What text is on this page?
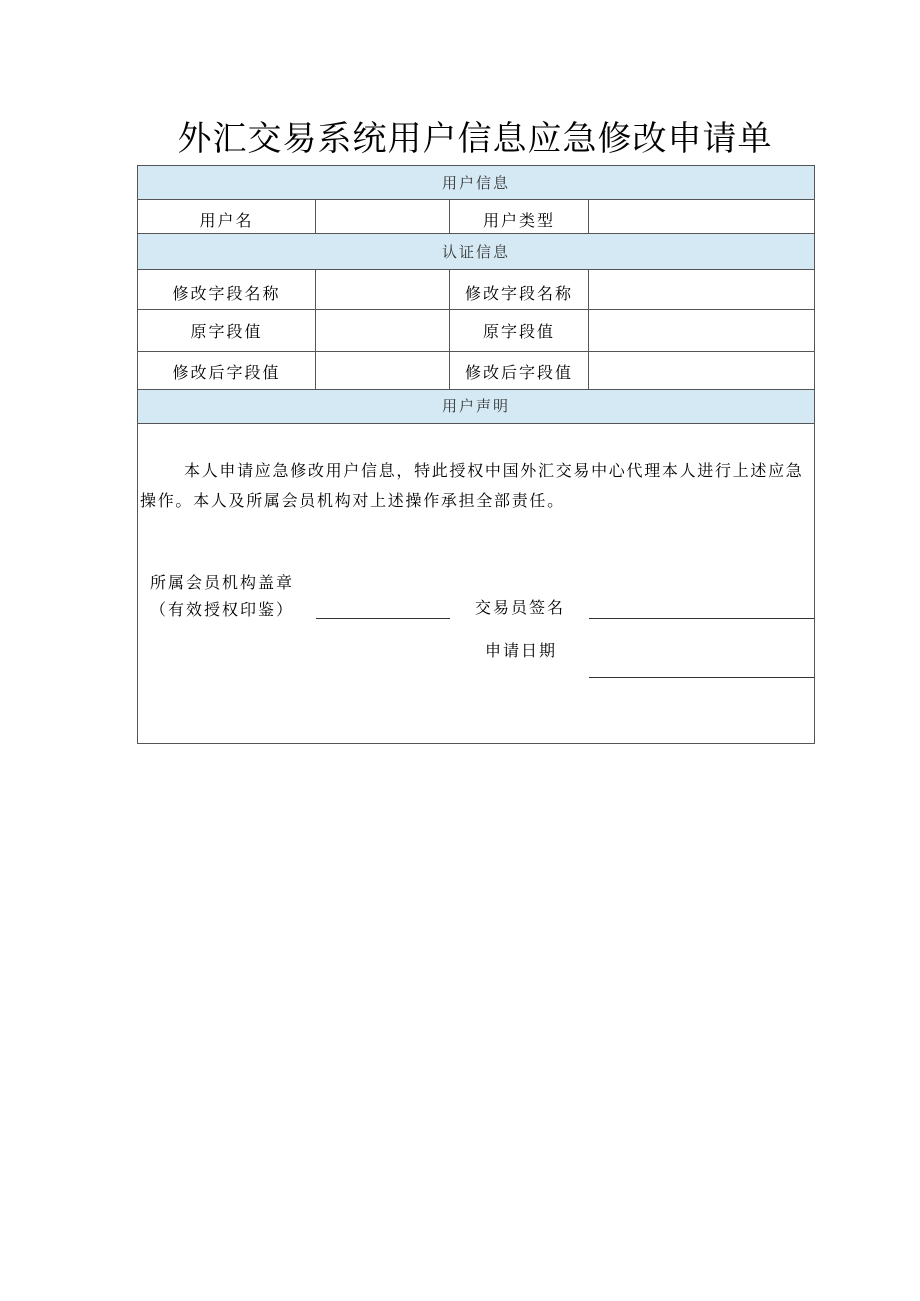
外汇交易系统用户信息应急修改申请单
用户信息
用户名	用户类型
认证信息
修改字段名称	修改字段名称
原字段值	原字段值
修改后字段值	修改后字段值
用户声明

本人申请应急修改用户信息，特此授权中国外汇交易中心代理本人进行上述应急操作。本人及所属会员机构对上述操作承担全部责任。

所属会员机构盖章
（有效授权印鉴）	交易员签名
申请日期
